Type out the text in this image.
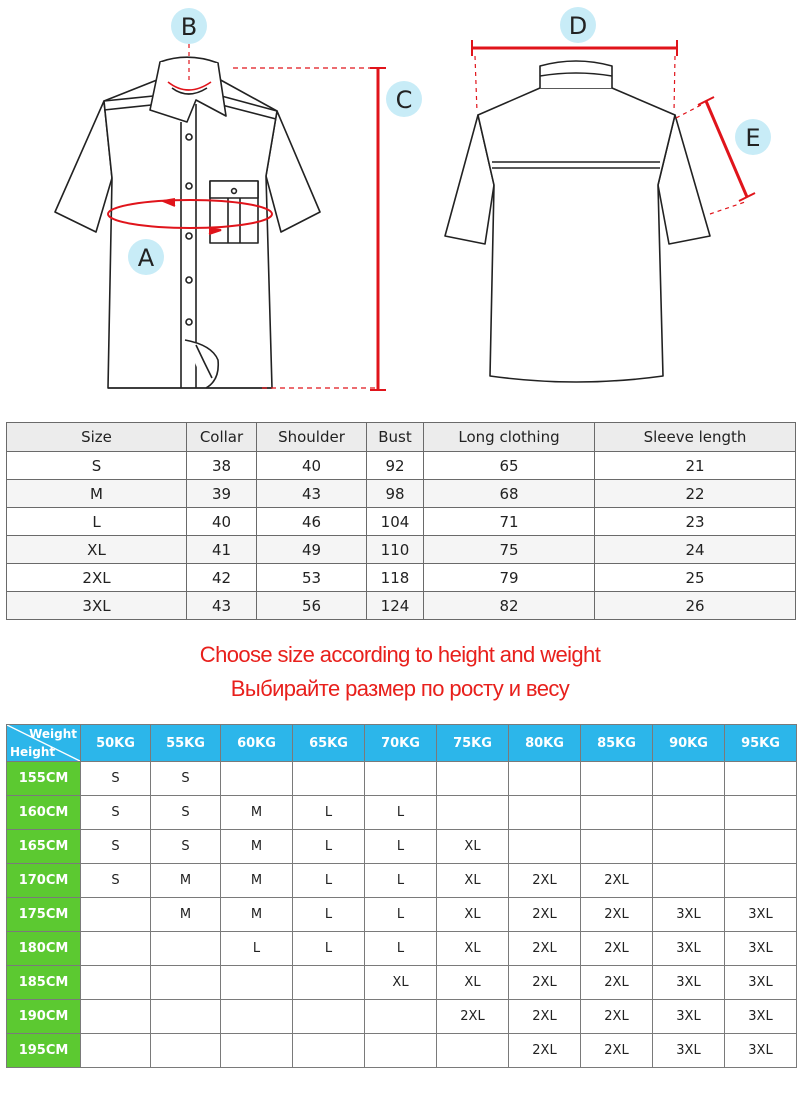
A
B
C
D
E
Size	Collar	Shoulder	Bust	Long clothing	Sleeve length
S	38	40	92	65	21
M	39	43	98	68	22
L	40	46	104	71	23
XL	41	49	110	75	24
2XL	42	53	118	79	25
3XL	43	56	124	82	26
Choose size according to height and weight
Выбирайте размер по росту и весу
Weight
Height	50KG	55KG	60KG	65KG	70KG	75KG	80KG	85KG	90KG	95KG
155CM	S	S								
160CM	S	S	M	L	L					
165CM	S	S	M	L	L	XL				
170CM	S	M	M	L	L	XL	2XL	2XL		
175CM		M	M	L	L	XL	2XL	2XL	3XL	3XL
180CM			L	L	L	XL	2XL	2XL	3XL	3XL
185CM					XL	XL	2XL	2XL	3XL	3XL
190CM						2XL	2XL	2XL	3XL	3XL
195CM							2XL	2XL	3XL	3XL
